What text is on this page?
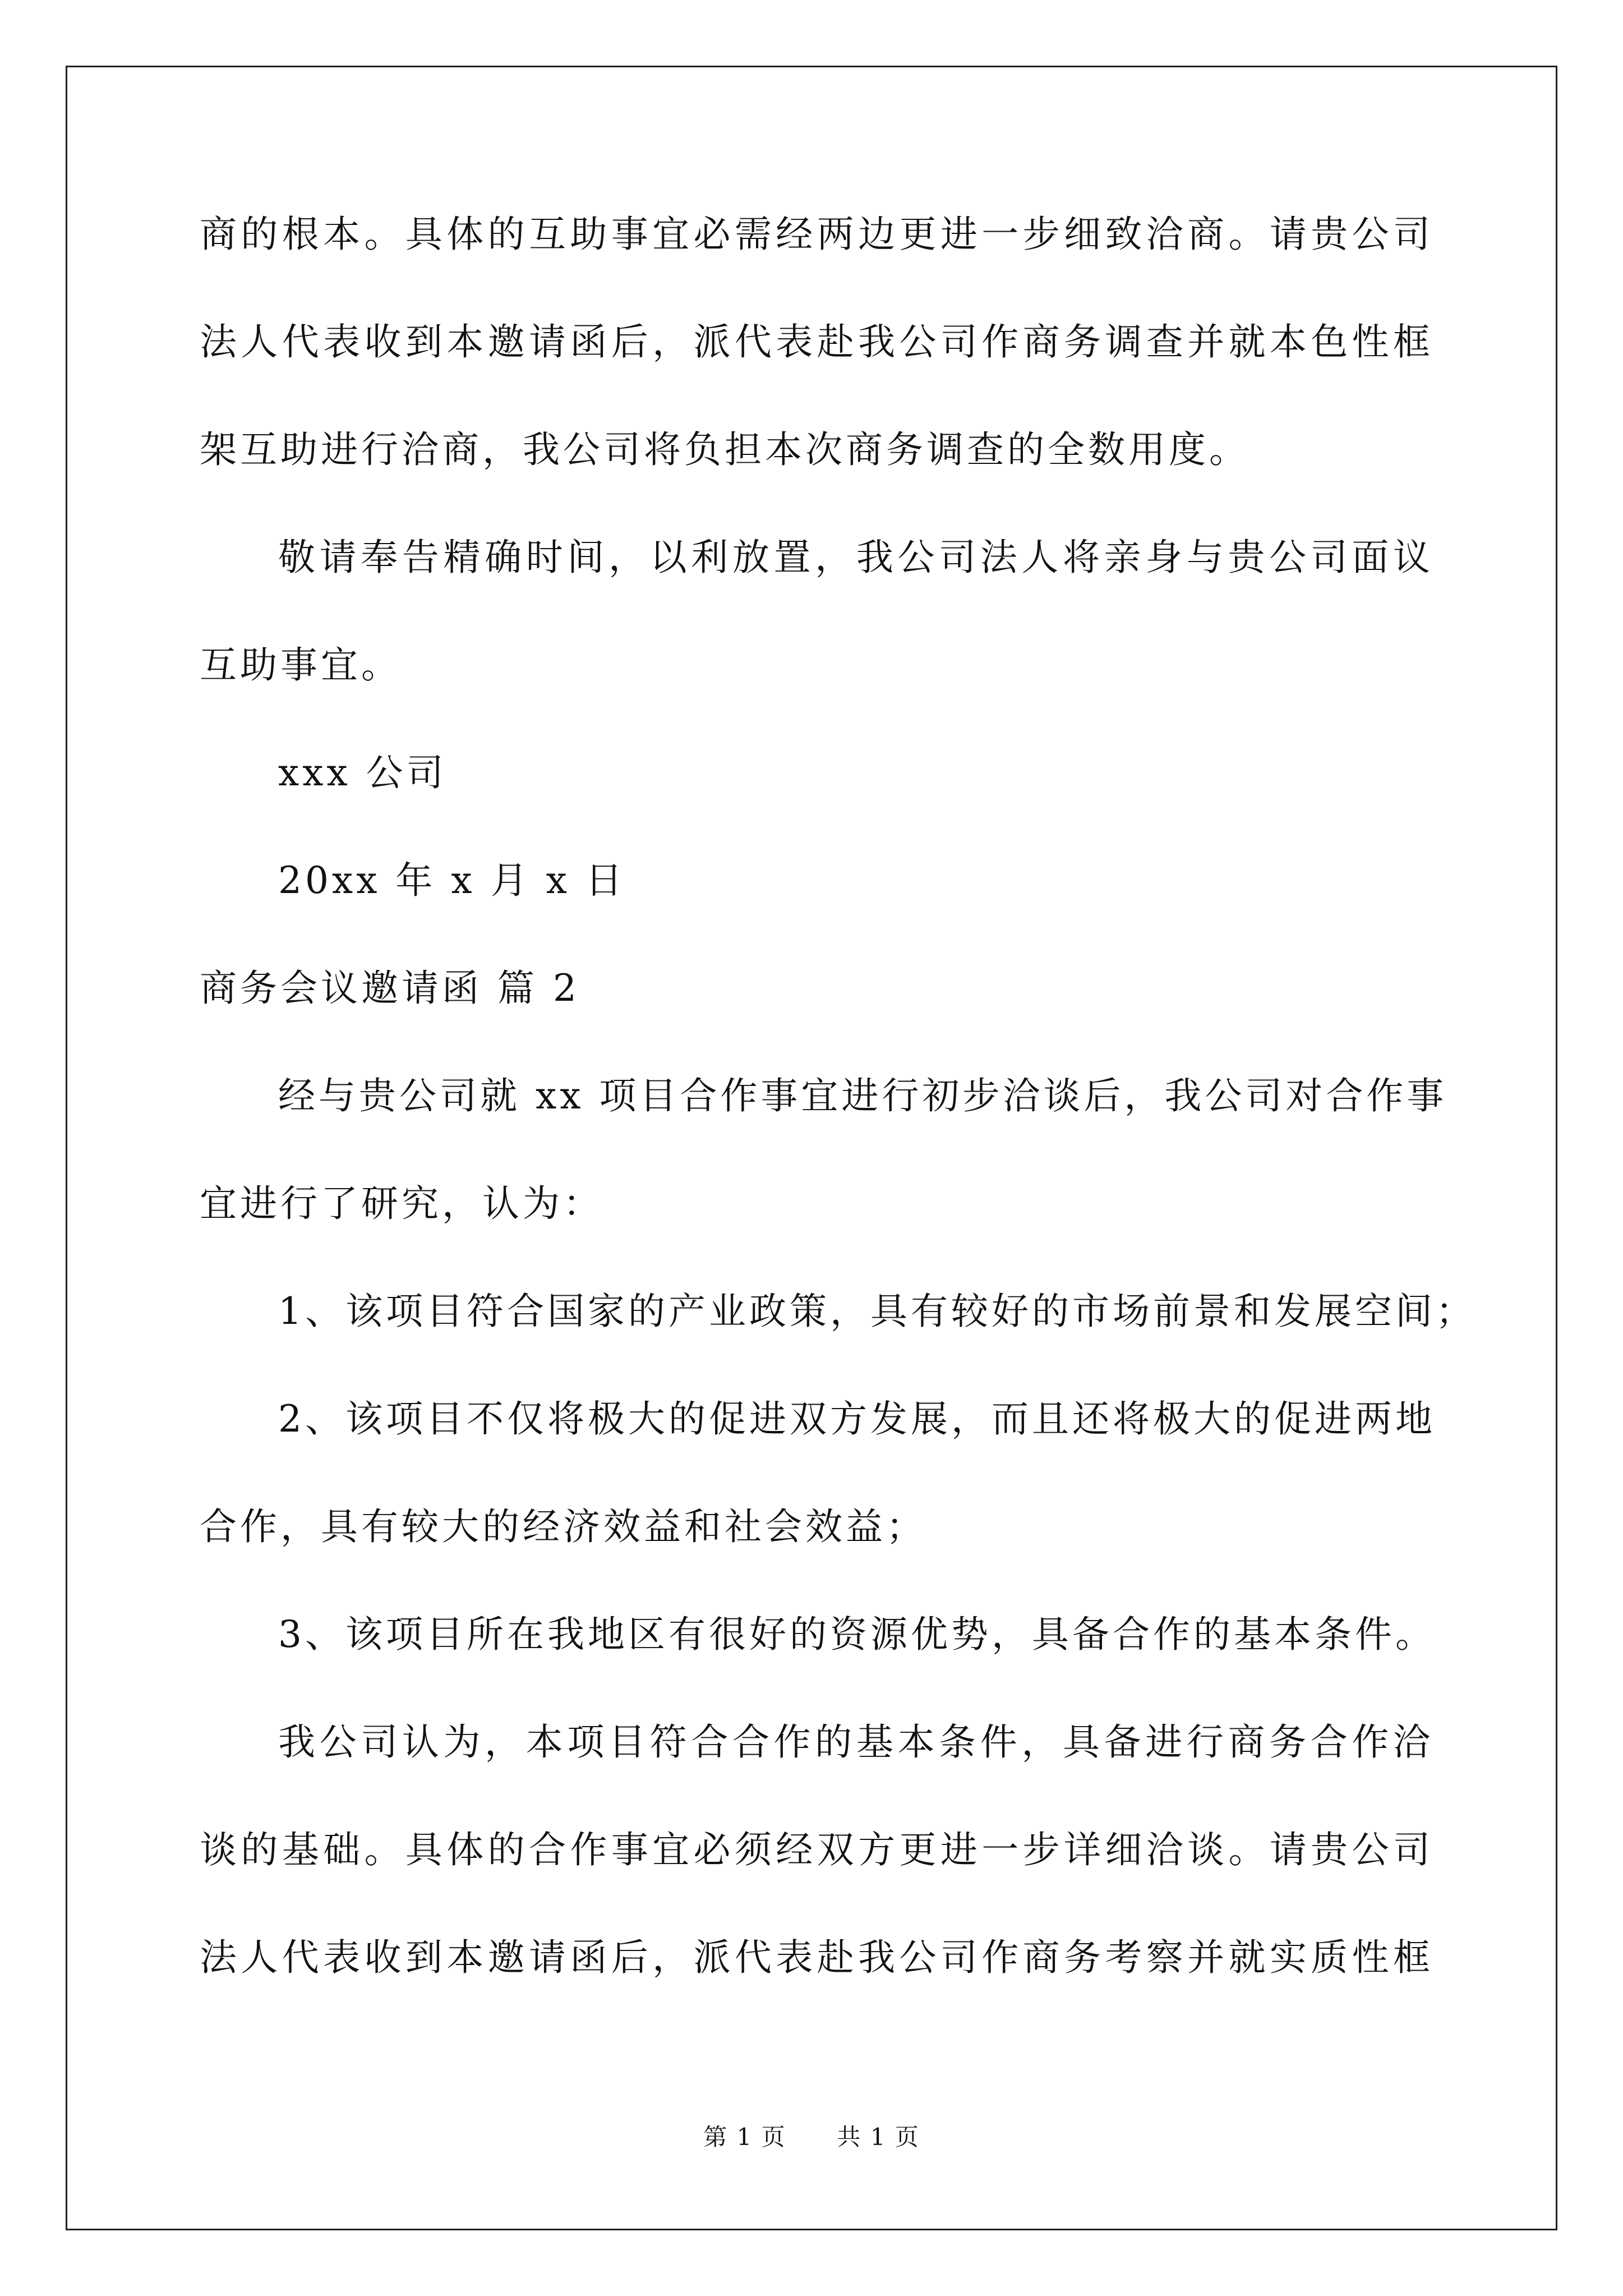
商的根本。具体的互助事宜必需经两边更进一步细致洽商。请贵公司
法人代表收到本邀请函后，派代表赴我公司作商务调查并就本色性框
架互助进行洽商，我公司将负担本次商务调查的全数用度。
敬请奉告精确时间，以利放置，我公司法人将亲身与贵公司面议
互助事宜。
xxx 公司
20xx 年 x 月 x 日
商务会议邀请函 篇 2
经与贵公司就 xx 项目合作事宜进行初步洽谈后，我公司对合作事
宜进行了研究，认为：
1、该项目符合国家的产业政策，具有较好的市场前景和发展空间；
2、该项目不仅将极大的促进双方发展，而且还将极大的促进两地
合作，具有较大的经济效益和社会效益；
3、该项目所在我地区有很好的资源优势，具备合作的基本条件。
我公司认为，本项目符合合作的基本条件，具备进行商务合作洽
谈的基础。具体的合作事宜必须经双方更进一步详细洽谈。请贵公司
法人代表收到本邀请函后，派代表赴我公司作商务考察并就实质性框
第 1 页 共 1 页
